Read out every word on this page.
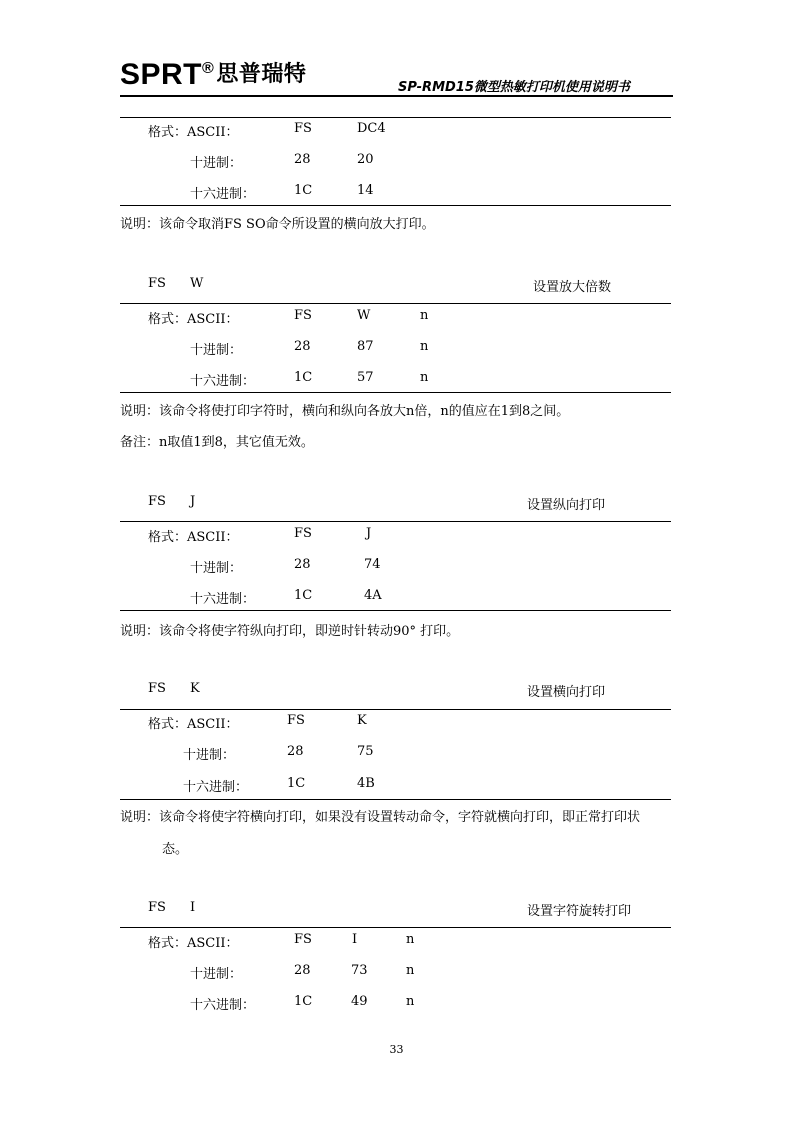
SPRT®思普瑞特
SP-RMD15微型热敏打印机使用说明书
格式：ASCII：	FS	DC4
十进制：	28	20
十六进制：	1C	14
说明：该命令取消FS SO命令所设置的横向放大打印。
FS W	设置放大倍数
格式：ASCII：	FS	W	n
十进制：	28	87	n
十六进制：	1C	57	n
说明：该命令将使打印字符时，横向和纵向各放大n倍，n的值应在1到8之间。
备注：n取值1到8，其它值无效。
FS J	设置纵向打印
格式：ASCII：	FS	J
十进制：	28	74
十六进制：	1C	4A
说明：该命令将使字符纵向打印，即逆时针转动90° 打印。
FS K	设置横向打印
格式：ASCII：	FS	K
十进制：	28	75
十六进制：	1C	4B
说明：该命令将使字符横向打印，如果没有设置转动命令，字符就横向打印，即正常打印状
态。
FS I	设置字符旋转打印
格式：ASCII：	FS	I	n
十进制：	28	73	n
十六进制：	1C	49	n
33
